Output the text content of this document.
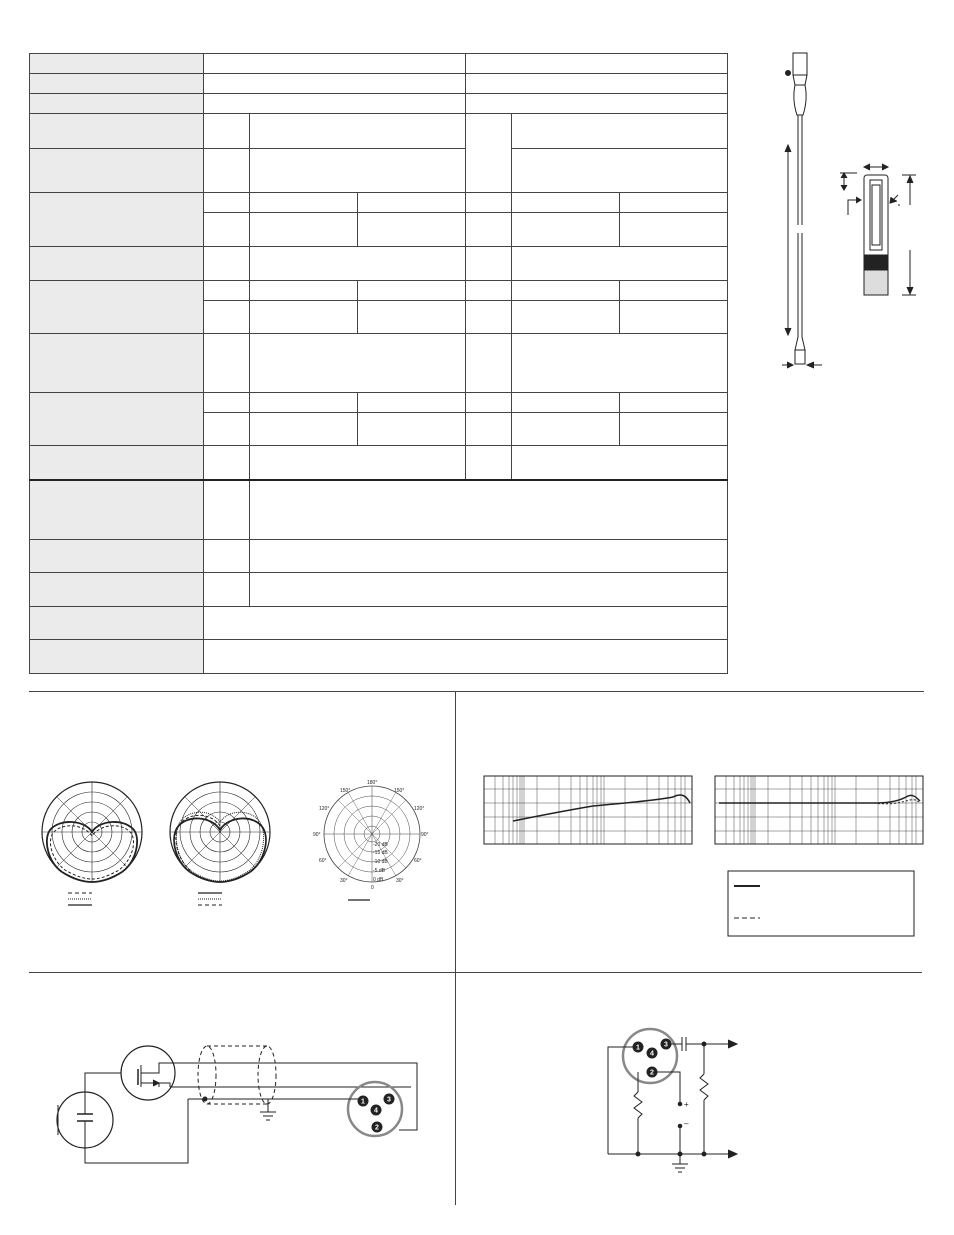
180°
150°	150°
120°	120°
90°	90°
60°	60°
30°	30°
0
-20 dB
-15 dB
-10 dB
-5 dB
0 dB
1
4
3
2
1
4
3
2
+
–
